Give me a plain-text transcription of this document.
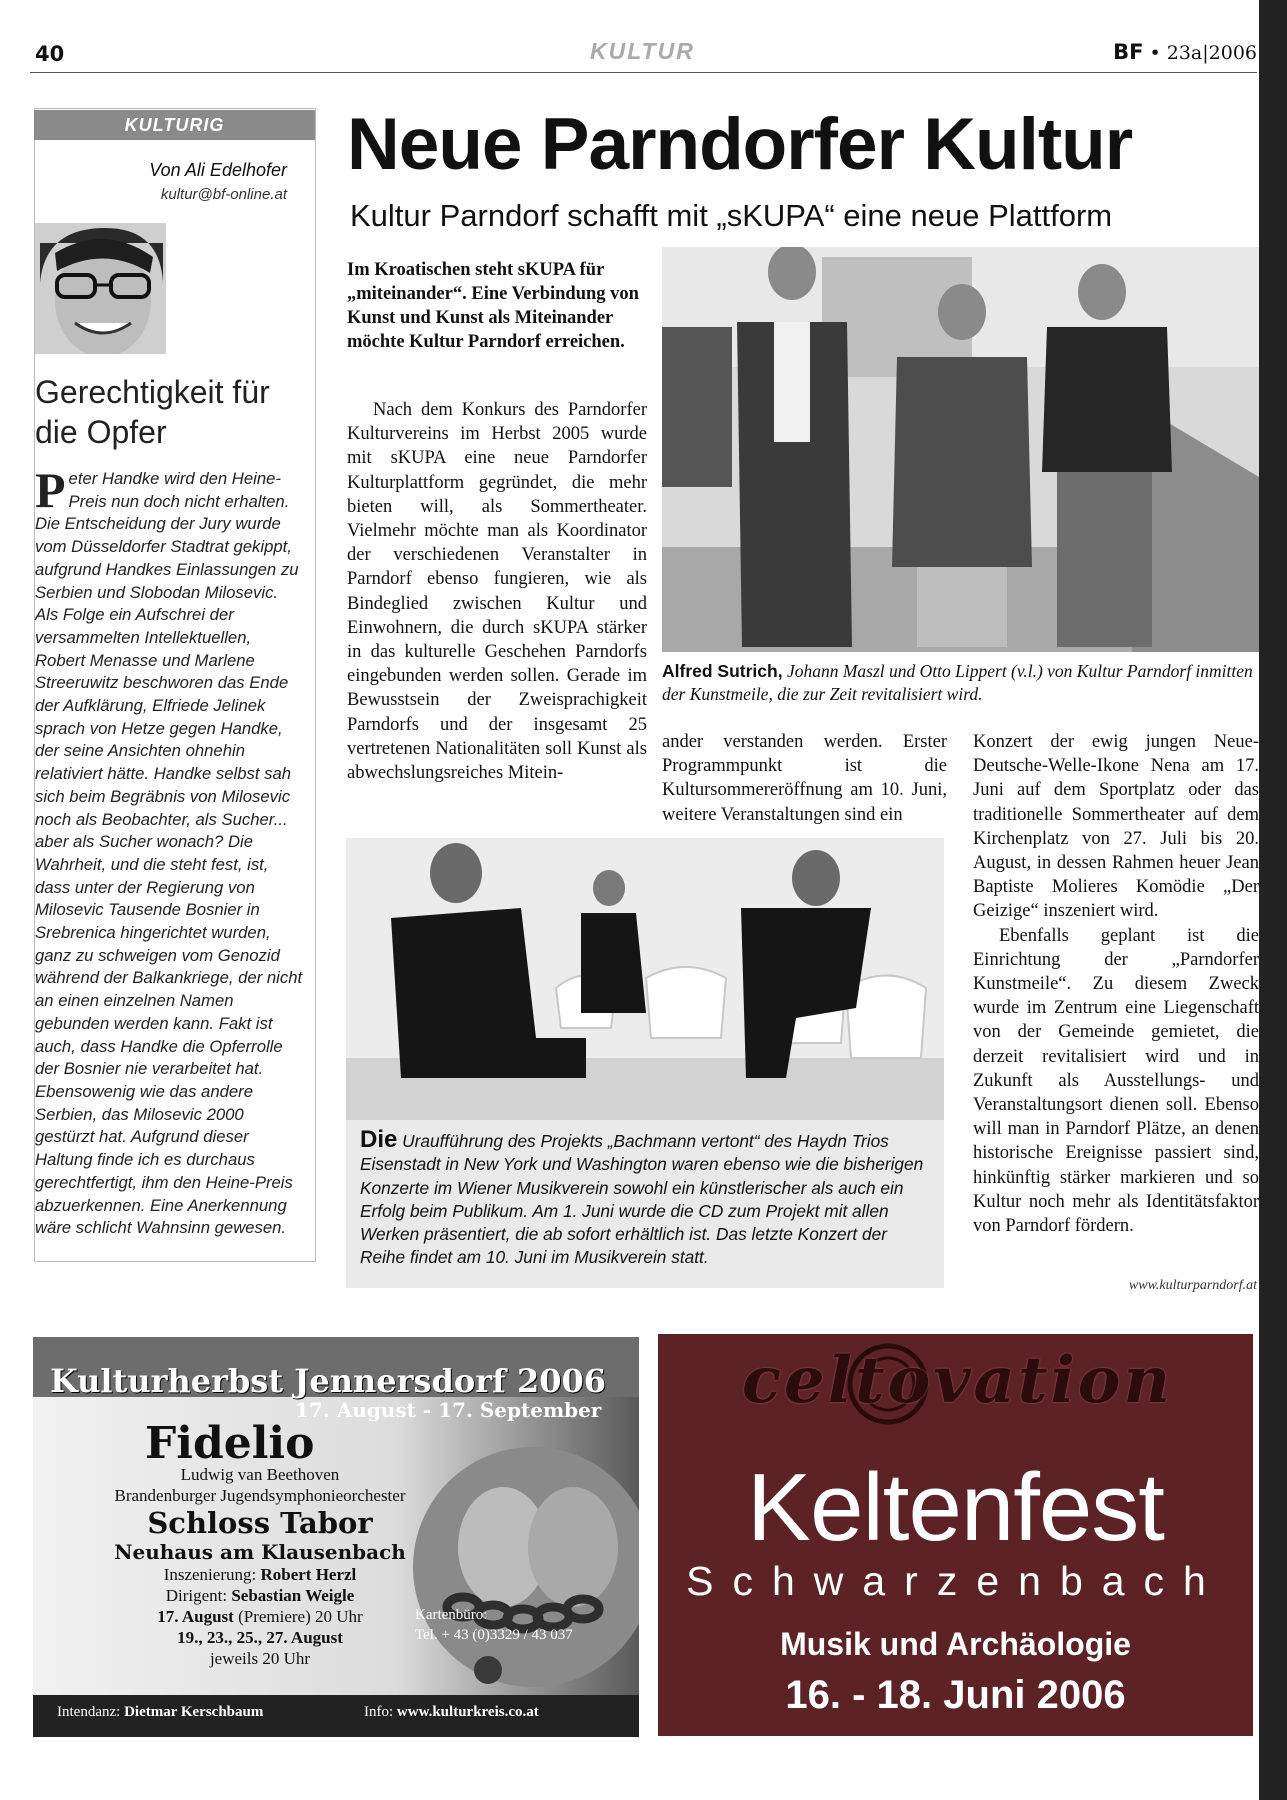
40	KULTUR	BF • 23a|2006
KULTURIG
Von Ali Edelhofer
kultur@bf-online.at
Gerechtigkeit für die Opfer
Peter Handke wird den Heine-Preis nun doch nicht erhalten. Die Entscheidung der Jury wurde vom Düsseldorfer Stadtrat gekippt, aufgrund Handkes Einlassungen zu Serbien und Slobodan Milosevic. Als Folge ein Aufschrei der versammelten Intellektuellen, Robert Menasse und Marlene Streeruwitz beschworen das Ende der Aufklärung, Elfriede Jelinek sprach von Hetze gegen Handke, der seine Ansichten ohnehin relativiert hätte. Handke selbst sah sich beim Begräbnis von Milosevic noch als Beobachter, als Sucher... aber als Sucher wonach? Die Wahrheit, und die steht fest, ist, dass unter der Regierung von Milosevic Tausende Bosnier in Srebrenica hingerichtet wurden, ganz zu schweigen vom Genozid während der Balkankriege, der nicht an einen einzelnen Namen gebunden werden kann. Fakt ist auch, dass Handke die Opferrolle der Bosnier nie verarbeitet hat. Ebensowenig wie das andere Serbien, das Milosevic 2000 gestürzt hat. Aufgrund dieser Haltung finde ich es durchaus gerechtfertigt, ihm den Heine-Preis abzuerkennen. Eine Anerkennung wäre schlicht Wahnsinn gewesen.
Neue Parndorfer Kultur
Kultur Parndorf schafft mit „sKUPA“ eine neue Plattform
Im Kroatischen steht sKUPA für „miteinander“. Eine Verbindung von Kunst und Kunst als Miteinander möchte Kultur Parndorf erreichen.

Nach dem Konkurs des Parndorfer Kulturvereins im Herbst 2005 wurde mit sKUPA eine neue Parndorfer Kulturplattform gegründet, die mehr bieten will, als Sommertheater. Vielmehr möchte man als Koordinator der verschiedenen Veranstalter in Parndorf ebenso fungieren, wie als Bindeglied zwischen Kultur und Einwohnern, die durch sKUPA stärker in das kulturelle Geschehen Parndorfs eingebunden werden sollen. Gerade im Bewusstsein der Zweisprachigkeit Parndorfs und der insgesamt 25 vertretenen Nationalitäten soll Kunst als abwechslungsreiches Mitein-

Alfred Sutrich, Johann Maszl und Otto Lippert (v.l.) von Kultur Parndorf inmitten der Kunstmeile, die zur Zeit revitalisiert wird.
ander verstanden werden. Erster Programmpunkt ist die Kultursommereröffnung am 10. Juni, weitere Veranstaltungen sind ein

Konzert der ewig jungen Neue-Deutsche-Welle-Ikone Nena am 17. Juni auf dem Sportplatz oder das traditionelle Sommertheater auf dem Kirchenplatz von 27. Juli bis 20. August, in dessen Rahmen heuer Jean Baptiste Molieres Komödie „Der Geizige“ inszeniert wird.

Ebenfalls geplant ist die Einrichtung der „Parndorfer Kunstmeile“. Zu diesem Zweck wurde im Zentrum eine Liegenschaft von der Gemeinde gemietet, die derzeit revitalisiert wird und in Zukunft als Ausstellungs- und Veranstaltungsort dienen soll. Ebenso will man in Parndorf Plätze, an denen historische Ereignisse passiert sind, hinkünftig stärker markieren und so Kultur noch mehr als Identitätsfaktor von Parndorf fördern.

www.kulturparndorf.at
Die Uraufführung des Projekts „Bachmann vertont“ des Haydn Trios Eisenstadt in New York und Washington waren ebenso wie die bisherigen Konzerte im Wiener Musikverein sowohl ein künstlerischer als auch ein Erfolg beim Publikum. Am 1. Juni wurde die CD zum Projekt mit allen Werken präsentiert, die ab sofort erhältlich ist. Das letzte Konzert der Reihe findet am 10. Juni im Musikverein statt.
Kulturherbst Jennersdorf 2006
17. August - 17. September
Fidelio
Ludwig van Beethoven
Brandenburger Jugendsymphonieorchester
Schloss Tabor
Neuhaus am Klausenbach
Inszenierung: Robert Herzl
Dirigent: Sebastian Weigle
17. August (Premiere) 20 Uhr
19., 23., 25., 27. August
jeweils 20 Uhr
Kartenbüro:
Tel. + 43 (0)3329 / 43 037
Intendanz: Dietmar Kerschbaum	Info: www.kulturkreis.co.at
celtovation
Keltenfest
Schwarzenbach
Musik und Archäologie
16. - 18. Juni 2006
